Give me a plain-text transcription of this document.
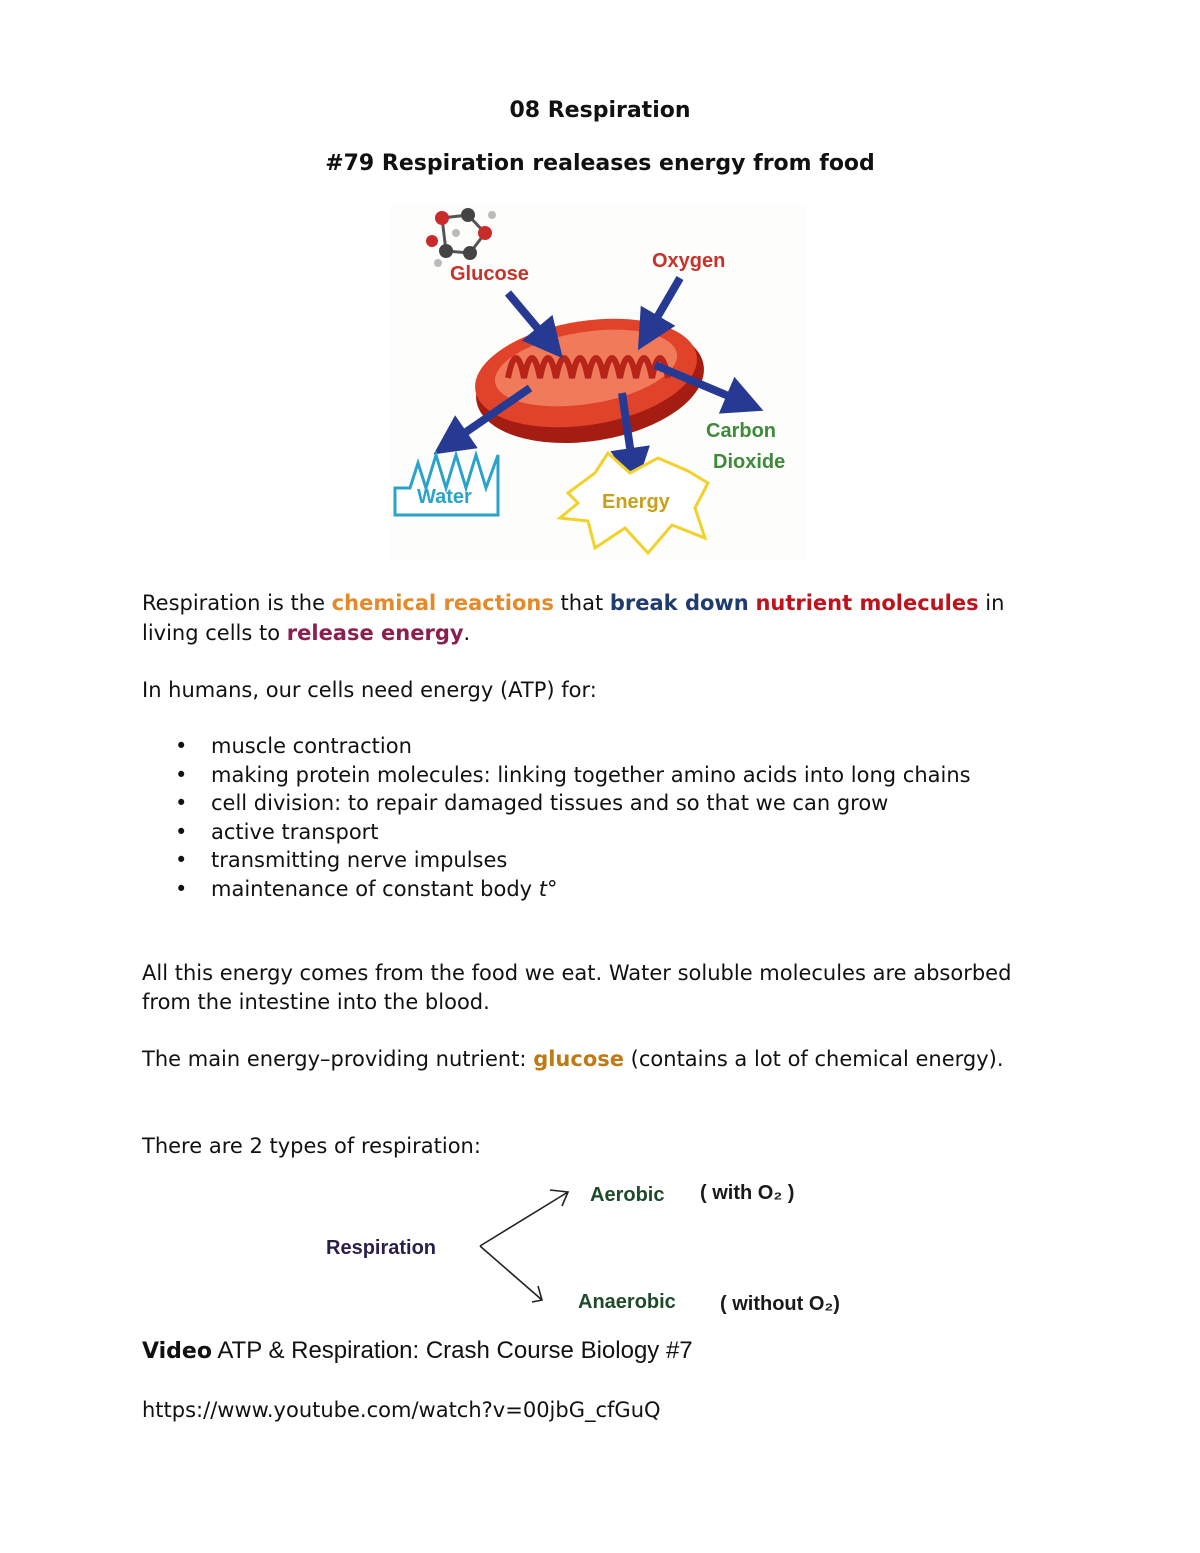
08 Respiration
#79 Respiration realeases energy from food
Glucose
Oxygen
Carbon
Dioxide
Water	Energy
Respiration is the chemical reactions that break down nutrient molecules in living cells to release energy.
In humans, our cells need energy (ATP) for:
• muscle contraction
• making protein molecules: linking together amino acids into long chains
• cell division: to repair damaged tissues and so that we can grow
• active transport
• transmitting nerve impulses
• maintenance of constant body t°
All this energy comes from the food we eat. Water soluble molecules are absorbed from the intestine into the blood.
The main energy–providing nutrient: glucose (contains a lot of chemical energy).
There are 2 types of respiration:
Respiration
Aerobic ( with O₂ )
Anaerobic ( without O₂)
Video ATP & Respiration: Crash Course Biology #7
https://www.youtube.com/watch?v=00jbG_cfGuQ
